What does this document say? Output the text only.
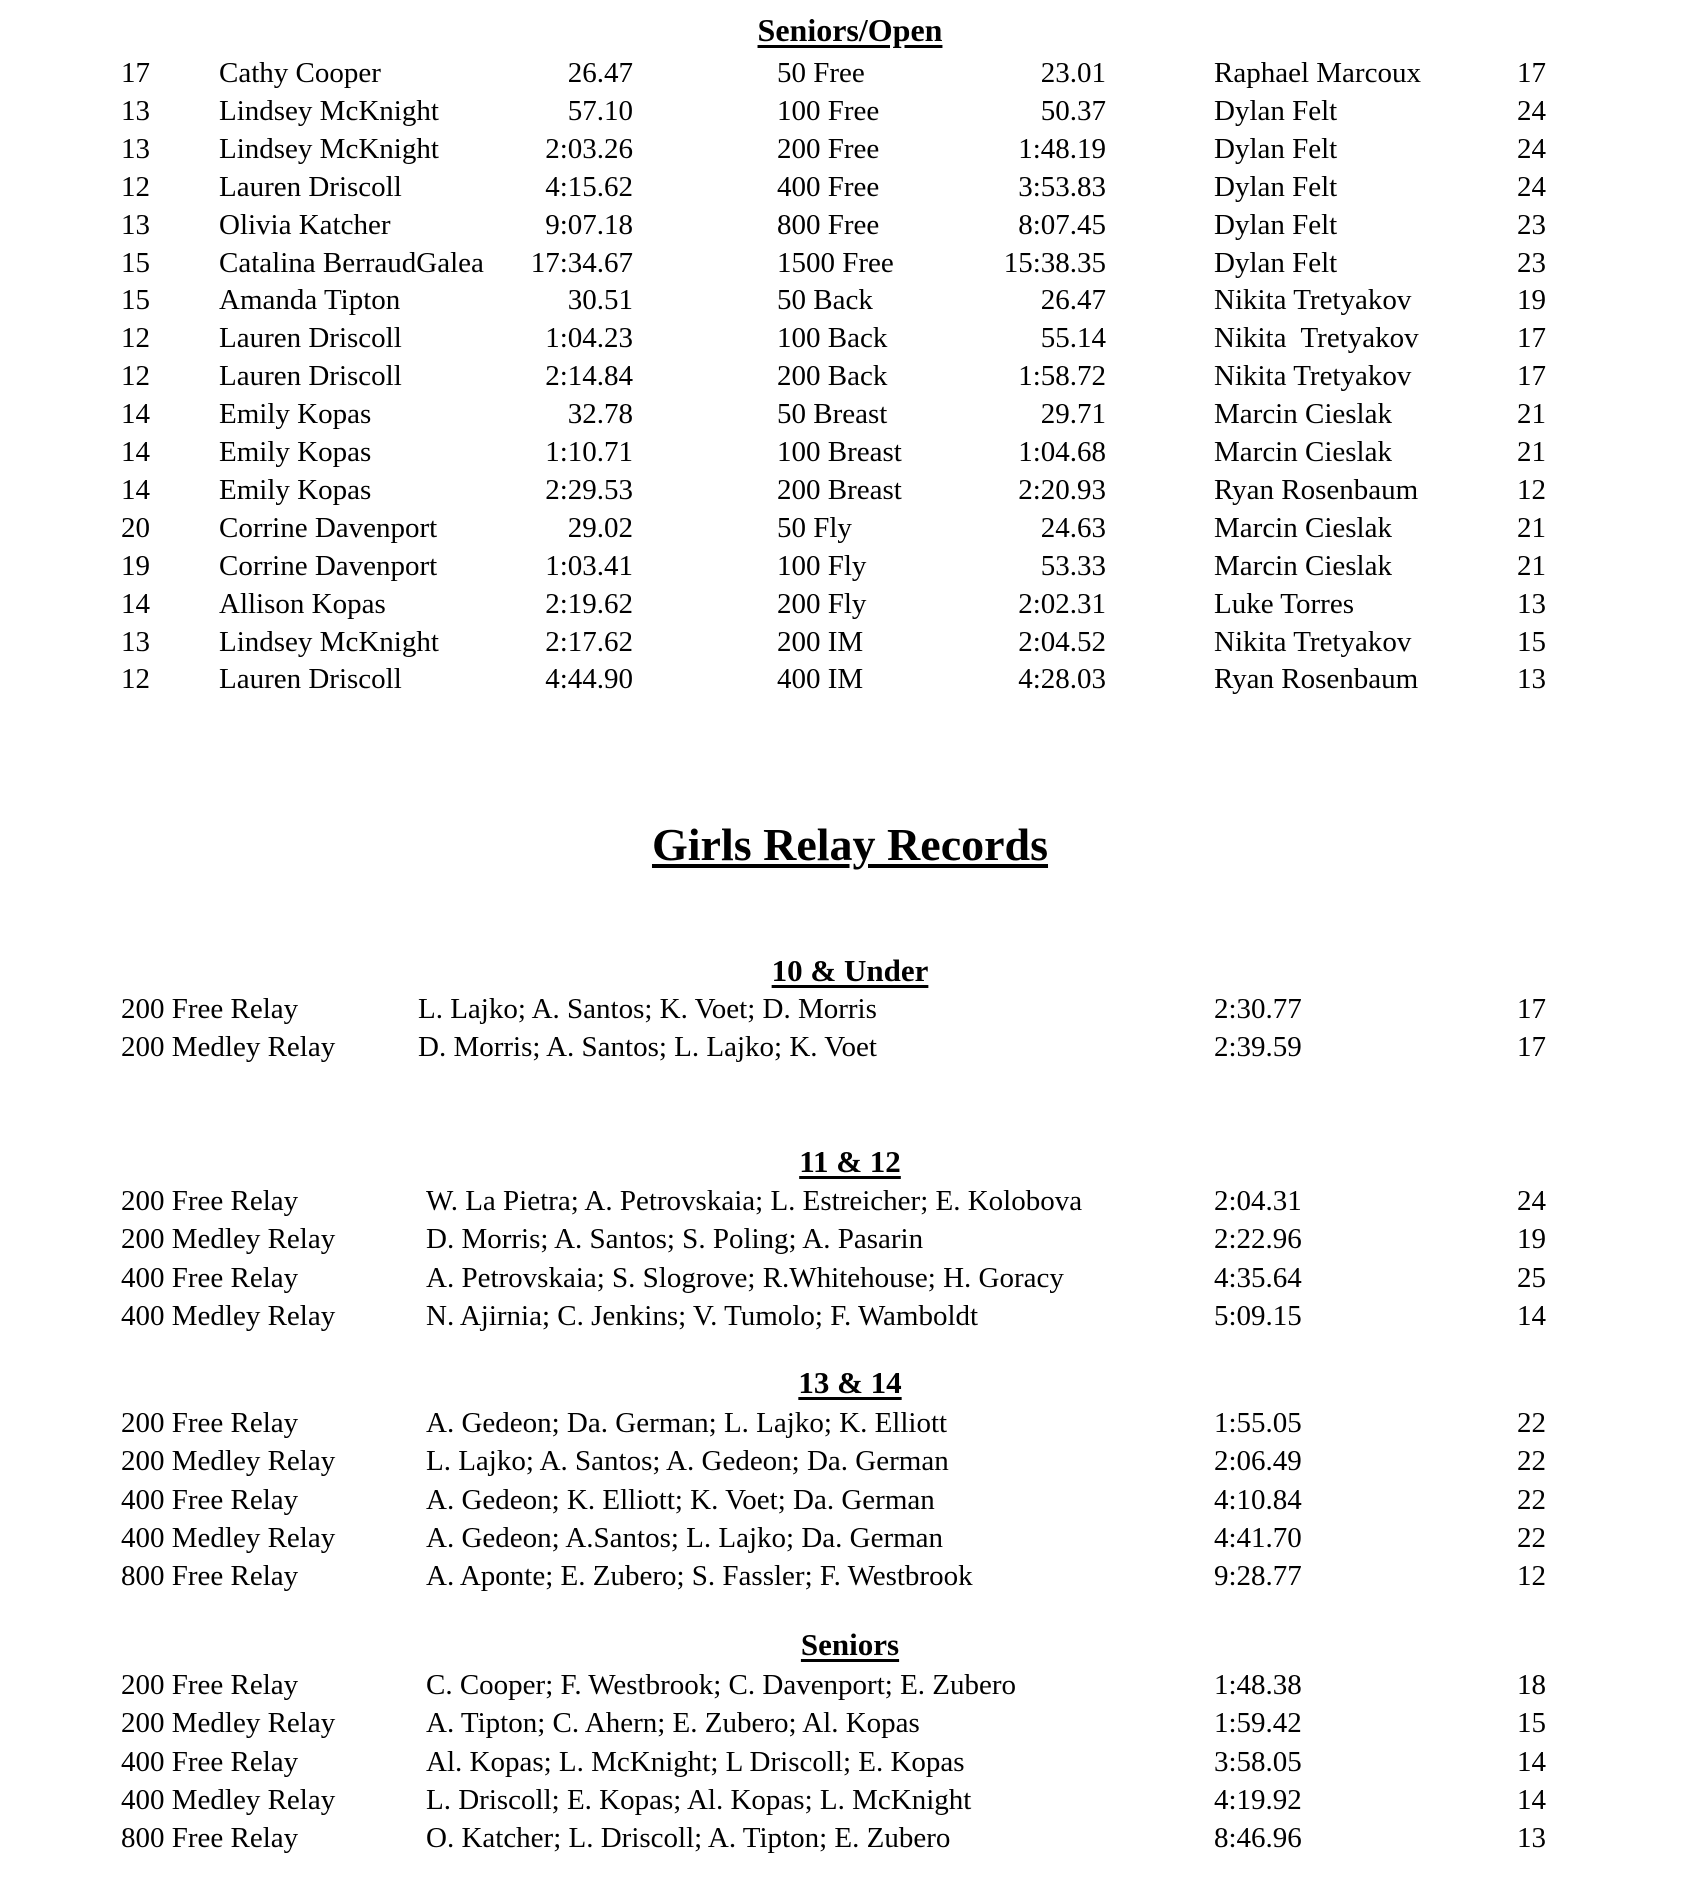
Seniors/Open
17 Cathy Cooper	26.47	50 Free	23.01	Raphael Marcoux	17
13 Lindsey McKnight	57.10	100 Free	50.37	Dylan Felt	24
13 Lindsey McKnight	2:03.26	200 Free	1:48.19	Dylan Felt	24
12 Lauren Driscoll	4:15.62	400 Free	3:53.83	Dylan Felt	24
13 Olivia Katcher	9:07.18	800 Free	8:07.45	Dylan Felt	23
15 Catalina BerraudGalea 17:34.67	1500 Free	15:38.35	Dylan Felt	23
15 Amanda Tipton	30.51	50 Back	26.47	Nikita Tretyakov	19
12 Lauren Driscoll	1:04.23	100 Back	55.14	Nikita  Tretyakov	17
12 Lauren Driscoll	2:14.84	200 Back	1:58.72	Nikita Tretyakov	17
14 Emily Kopas	32.78	50 Breast	29.71	Marcin Cieslak	21
14 Emily Kopas	1:10.71	100 Breast	1:04.68	Marcin Cieslak	21
14 Emily Kopas	2:29.53	200 Breast	2:20.93	Ryan Rosenbaum	12
20 Corrine Davenport	29.02	50 Fly	24.63	Marcin Cieslak	21
19 Corrine Davenport	1:03.41	100 Fly	53.33	Marcin Cieslak	21
14 Allison Kopas	2:19.62	200 Fly	2:02.31	Luke Torres	13
13 Lindsey McKnight	2:17.62	200 IM	2:04.52	Nikita Tretyakov	15
12 Lauren Driscoll	4:44.90	400 IM	4:28.03	Ryan Rosenbaum	13
Girls Relay Records
10 & Under
200 Free Relay	L. Lajko; A. Santos; K. Voet; D. Morris	2:30.77	17
200 Medley Relay	D. Morris; A. Santos; L. Lajko; K. Voet	2:39.59	17
11 & 12
200 Free Relay	W. La Pietra; A. Petrovskaia; L. Estreicher; E. Kolobova	2:04.31	24
200 Medley Relay	D. Morris; A. Santos; S. Poling; A. Pasarin	2:22.96	19
400 Free Relay	A. Petrovskaia; S. Slogrove; R.Whitehouse; H. Goracy	4:35.64	25
400 Medley Relay	N. Ajirnia; C. Jenkins; V. Tumolo; F. Wamboldt	5:09.15	14
13 & 14
200 Free Relay	A. Gedeon; Da. German; L. Lajko; K. Elliott	1:55.05	22
200 Medley Relay	L. Lajko; A. Santos; A. Gedeon; Da. German	2:06.49	22
400 Free Relay	A. Gedeon; K. Elliott; K. Voet; Da. German	4:10.84	22
400 Medley Relay	A. Gedeon; A.Santos; L. Lajko; Da. German	4:41.70	22
800 Free Relay	A. Aponte; E. Zubero; S. Fassler; F. Westbrook	9:28.77	12
Seniors
200 Free Relay	C. Cooper; F. Westbrook; C. Davenport; E. Zubero	1:48.38	18
200 Medley Relay	A. Tipton; C. Ahern; E. Zubero; Al. Kopas	1:59.42	15
400 Free Relay	Al. Kopas; L. McKnight; L Driscoll; E. Kopas	3:58.05	14
400 Medley Relay	L. Driscoll; E. Kopas; Al. Kopas; L. McKnight	4:19.92	14
800 Free Relay	O. Katcher; L. Driscoll; A. Tipton; E. Zubero	8:46.96	13
